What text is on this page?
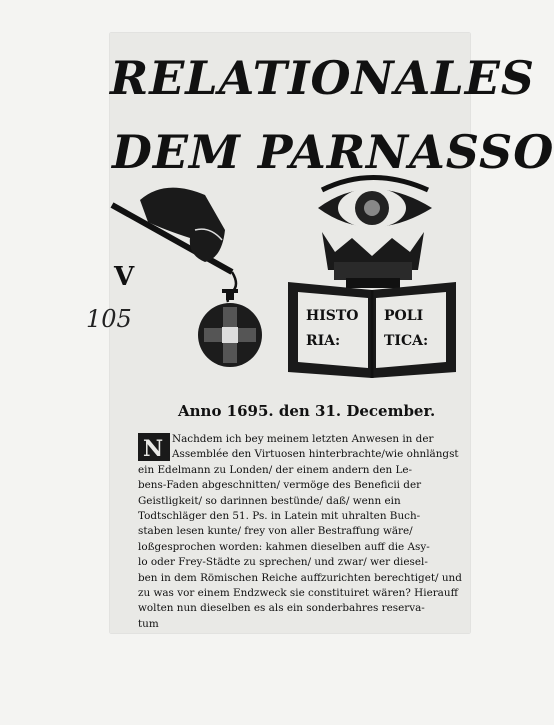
RELATIONALES
DEM PARNASSO
V
HISTO
RIA:
POLI
TICA:
N
105
Anno 1695. den 31. December.
Nachdem ich bey meinem letzten Anwesen in der
Assemblée den Virtuosen hinterbrachte/wie ohnlängst
ein Edelmann zu Londen/ der einem andern den Le-
bens-Faden abgeschnitten/ vermöge des Beneficii der
Geistligkeit/ so darinnen bestünde/ daß/ wenn ein
Todtschläger den 51. Ps. in Latein mit uhralten Buch-
staben lesen kunte/ frey von aller Bestraffung wäre/
loßgesprochen worden: kahmen dieselben auff die Asy-
lo oder Frey-Städte zu sprechen/ und zwar/ wer diesel-
ben in dem Römischen Reiche auffzurichten berechtiget/ und
zu was vor einem Endzweck sie constituiret wären? Hierauff
wolten nun dieselben es als ein sonderbahres reserva-
tum
